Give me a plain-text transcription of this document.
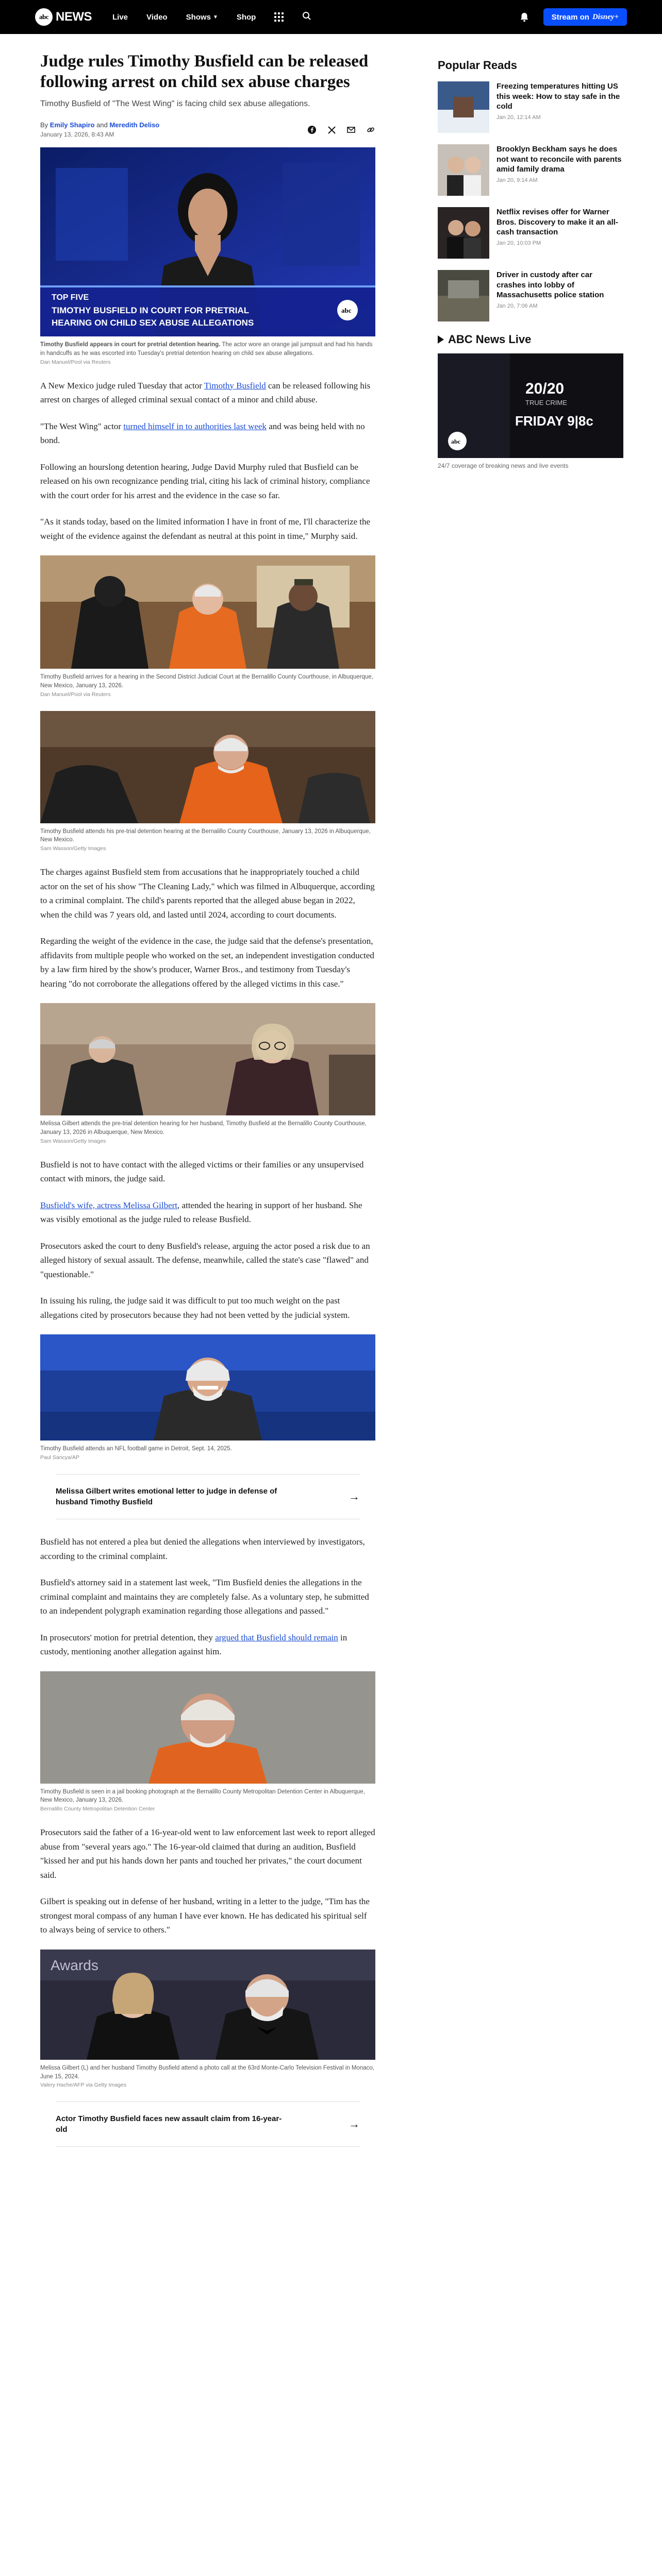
abc NEWS	Live Video Shows ▼ Shop	Stream on Disney+
Judge rules Timothy Busfield can be released following arrest on child sex abuse charges

Timothy Busfield of "The West Wing" is facing child sex abuse allegations.

By Emily Shapiro and Meredith Deliso
January 13, 2026, 8:43 AM
TOP FIVE
TIMOTHY BUSFIELD IN COURT FOR PRETRIAL
HEARING ON CHILD SEX ABUSE ALLEGATIONS
abc
Timothy Busfield appears in court for pretrial detention hearing. The actor wore an orange jail jumpsuit and had his hands in handcuffs as he was escorted into Tuesday's pretrial detention hearing on child sex abuse allegations.
Dan Manuel/Pool via Reuters

A New Mexico judge ruled Tuesday that actor Timothy Busfield can be released following his arrest on charges of alleged criminal sexual contact of a minor and child abuse.

"The West Wing" actor turned himself in to authorities last week and was being held with no bond.

Following an hourslong detention hearing, Judge David Murphy ruled that Busfield can be released on his own recognizance pending trial, citing his lack of criminal history, compliance with the court order for his arrest and the evidence in the case so far.

"As it stands today, based on the limited information I have in front of me, I'll characterize the weight of the evidence against the defendant as neutral at this point in time," Murphy said.

Timothy Busfield arrives for a hearing in the Second District Judicial Court at the Bernalillo County Courthouse, in Albuquerque, New Mexico, January 13, 2026.
Dan Manuel/Pool via Reuters
Timothy Busfield attends his pre-trial detention hearing at the Bernalillo County Courthouse, January 13, 2026 in Albuquerque, New Mexico.
Sam Wasson/Getty Images

The charges against Busfield stem from accusations that he inappropriately touched a child actor on the set of his show "The Cleaning Lady," which was filmed in Albuquerque, according to a criminal complaint. The child's parents reported that the alleged abuse began in 2022, when the child was 7 years old, and lasted until 2024, according to court documents.

Regarding the weight of the evidence in the case, the judge said that the defense's presentation, affidavits from multiple people who worked on the set, an independent investigation conducted by a law firm hired by the show's producer, Warner Bros., and testimony from Tuesday's hearing "do not corroborate the allegations offered by the alleged victims in this case."

Melissa Gilbert attends the pre-trial detention hearing for her husband, Timothy Busfield at the Bernalillo County Courthouse, January 13, 2026 in Albuquerque, New Mexico.
Sam Wasson/Getty Images

Busfield is not to have contact with the alleged victims or their families or any unsupervised contact with minors, the judge said.

Busfield's wife, actress Melissa Gilbert, attended the hearing in support of her husband. She was visibly emotional as the judge ruled to release Busfield.

Prosecutors asked the court to deny Busfield's release, arguing the actor posed a risk due to an alleged history of sexual assault. The defense, meanwhile, called the state's case "flawed" and "questionable."

In issuing his ruling, the judge said it was difficult to put too much weight on the past allegations cited by prosecutors because they had not been vetted by the judicial system.

Timothy Busfield attends an NFL football game in Detroit, Sept. 14, 2025.
Paul Sancya/AP
Melissa Gilbert writes emotional letter to judge in defense of husband Timothy Busfield	→

Busfield has not entered a plea but denied the allegations when interviewed by investigators, according to the criminal complaint.

Busfield's attorney said in a statement last week, "Tim Busfield denies the allegations in the criminal complaint and maintains they are completely false. As a voluntary step, he submitted to an independent polygraph examination regarding those allegations and passed."

In prosecutors' motion for pretrial detention, they argued that Busfield should remain in custody, mentioning another allegation against him.

Timothy Busfield is seen in a jail booking photograph at the Bernalillo County Metropolitan Detention Center in Albuquerque, New Mexico, January 13, 2026.
Bernalillo County Metropolitan Detention Center

Prosecutors said the father of a 16-year-old went to law enforcement last week to report alleged abuse from "several years ago." The 16-year-old claimed that during an audition, Busfield "kissed her and put his hands down her pants and touched her privates," the court document said.

Gilbert is speaking out in defense of her husband, writing in a letter to the judge, "Tim has the strongest moral compass of any human I have ever known. He has dedicated his spiritual self to always being of service to others."

Awards
Melissa Gilbert (L) and her husband Timothy Busfield attend a photo call at the 63rd Monte-Carlo Television Festival in Monaco, June 15, 2024.
Valery Hache/AFP via Getty Images
Actor Timothy Busfield faces new assault claim from 16-year-old	→
Popular Reads
Freezing temperatures hitting US this week: How to stay safe in the cold
Jan 20, 12:14 AM
Brooklyn Beckham says he does not want to reconcile with parents amid family drama
Jan 20, 9:14 AM
Netflix revises offer for Warner Bros. Discovery to make it an all-cash transaction
Jan 20, 10:03 PM
Driver in custody after car crashes into lobby of Massachusetts police station
Jan 20, 7:06 AM
ABC News Live
20/20
TRUE CRIME
FRIDAY 9|8c
abc
24/7 coverage of breaking news and live events
